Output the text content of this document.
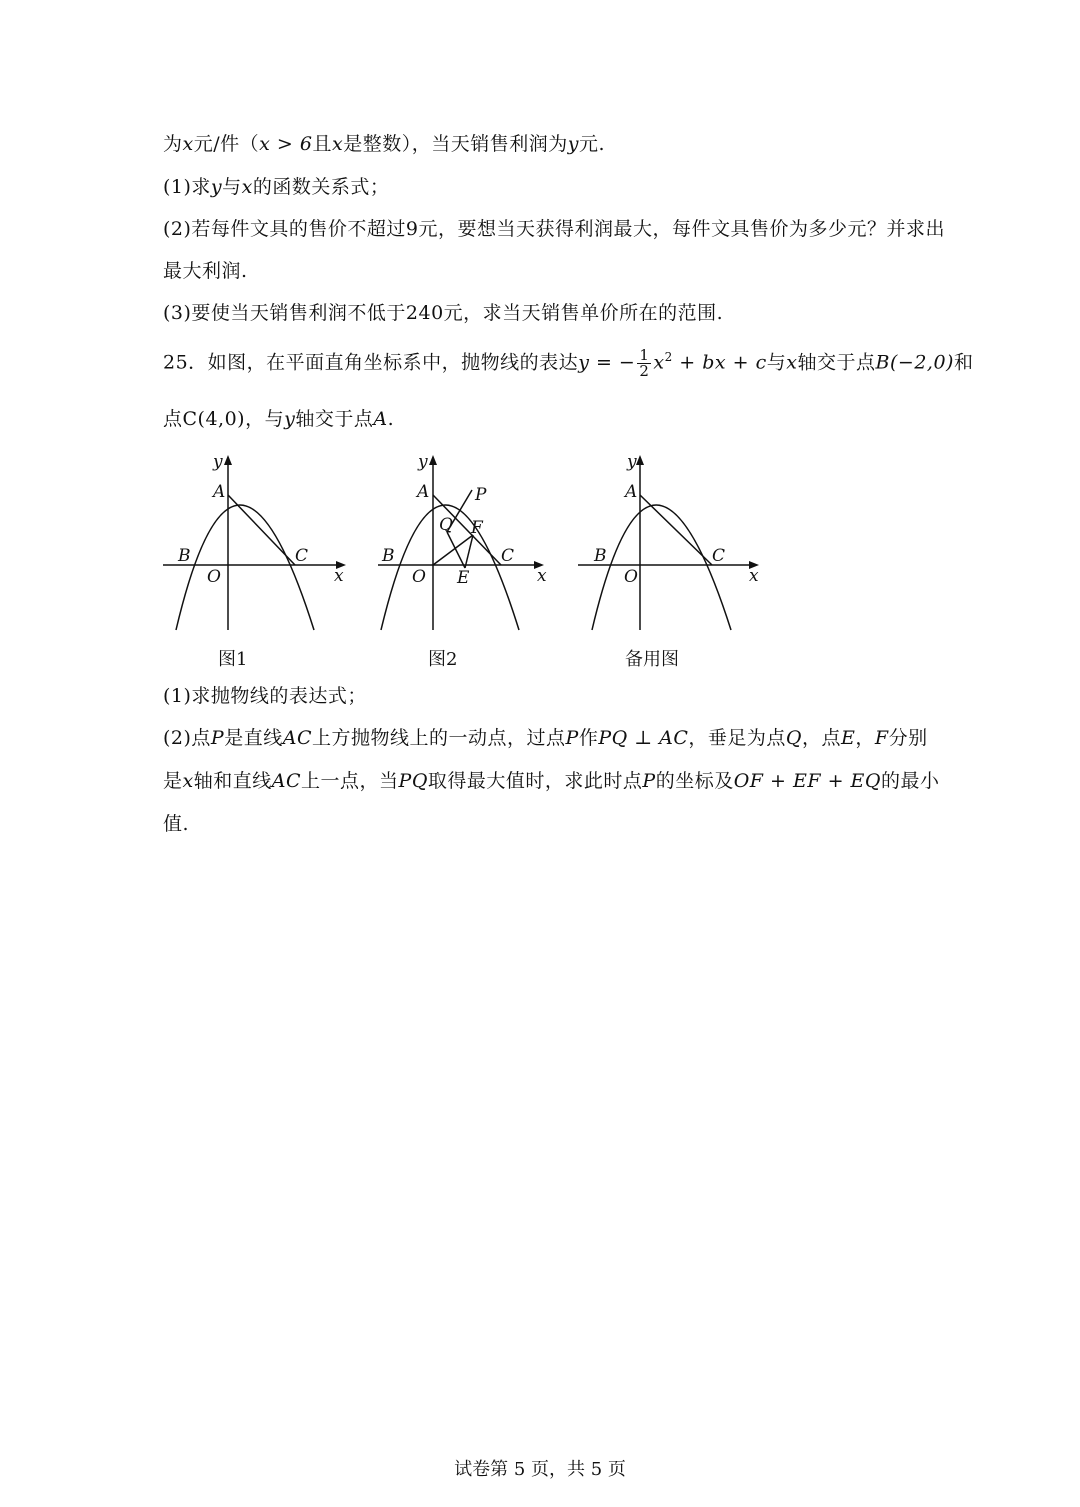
为x元/件（x > 6且x是整数），当天销售利润为y元.
(1)求y与x的函数关系式；
(2)若每件文具的售价不超过9元，要想当天获得利润最大，每件文具售价为多少元？并求出
最大利润.
(3)要使当天销售利润不低于240元，求当天销售单价所在的范围.
25．如图，在平面直角坐标系中，抛物线的表达y = − $\frac{1}{2} x^2$ + bx + c与x轴交于点B(−2,0)和
点C(4,0)，与y轴交于点A.
A
B	C
O	x
y
A	P
Q F
B	C
O E	x
y
A
B	C
O	x
y
图1	图2	备用图
(1)求抛物线的表达式；
(2)点P是直线AC上方抛物线上的一动点，过点P作PQ ⊥ AC，垂足为点Q，点E，F分别
是x轴和直线AC上一点，当PQ取得最大值时，求此时点P的坐标及OF + EF + EQ的最小
值.
试卷第 5 页，共 5 页
